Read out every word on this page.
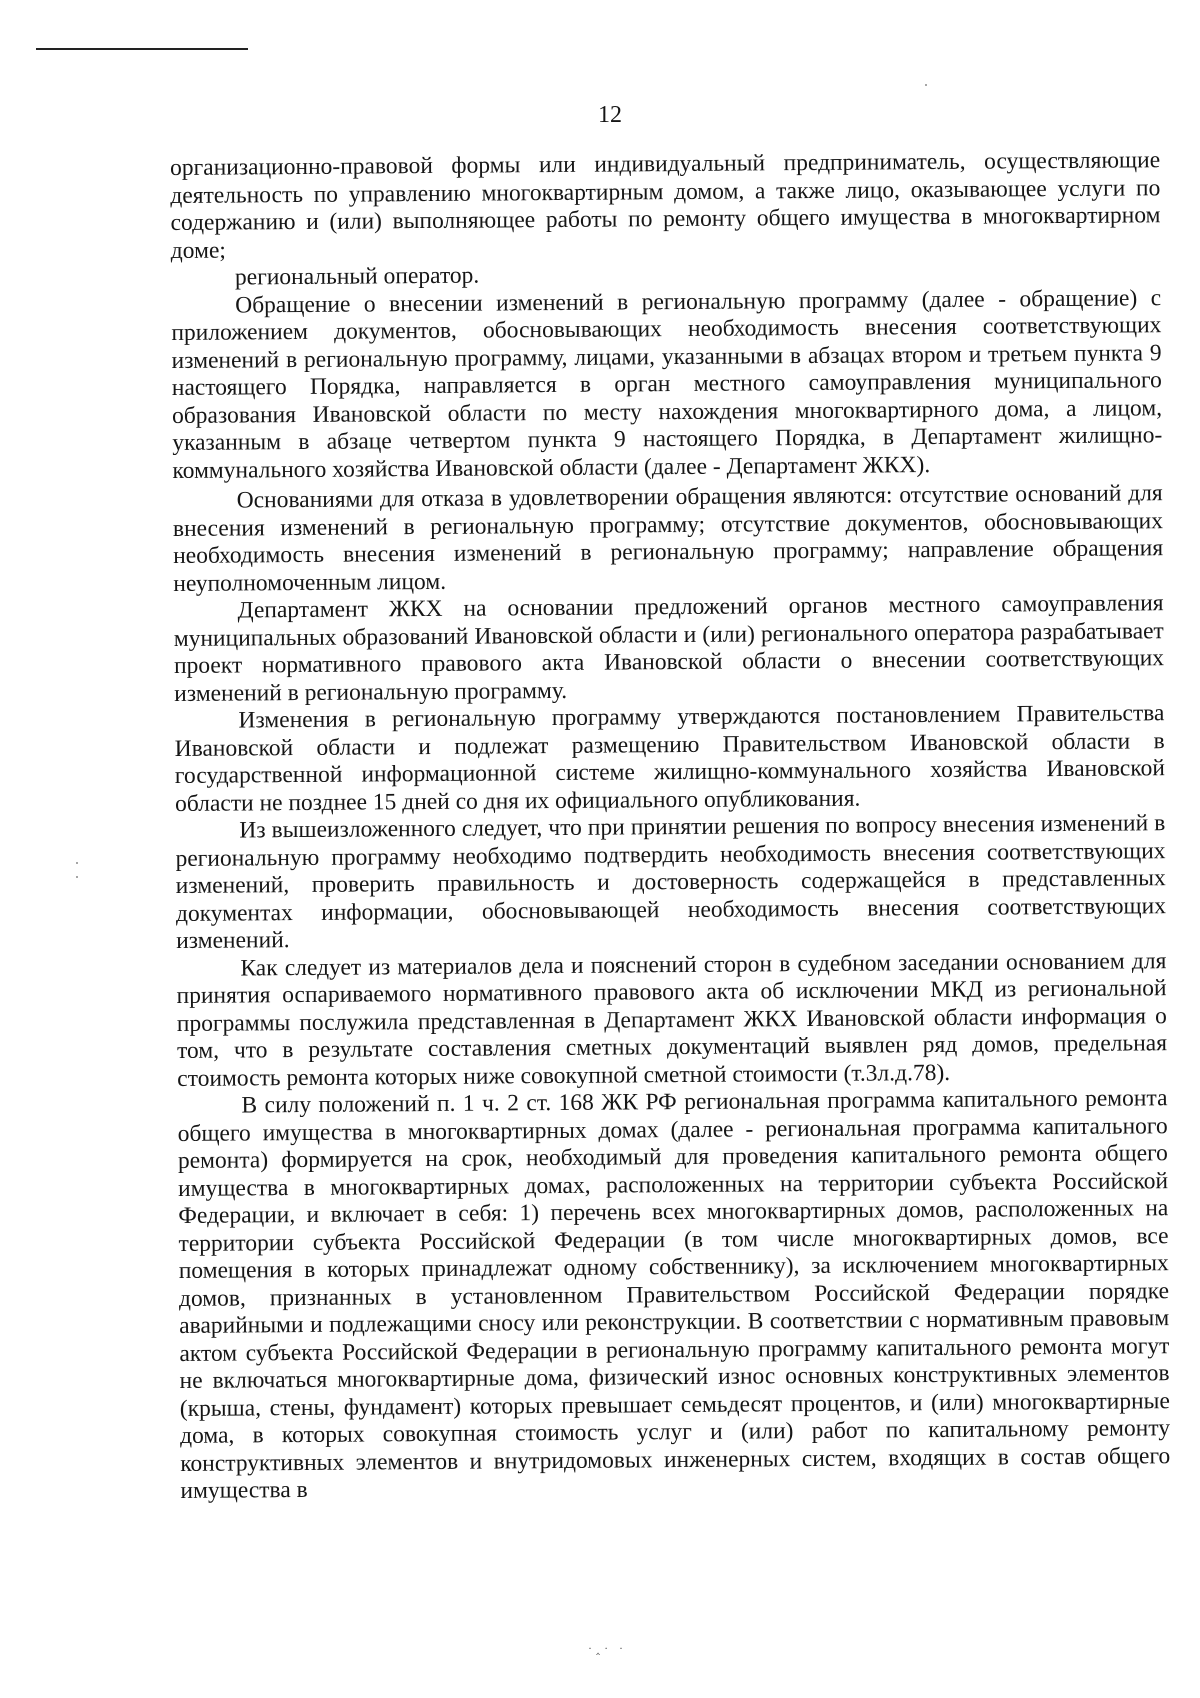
12

организационно-правовой формы или индивидуальный предприниматель, осуществляющие деятельность по управлению многоквартирным домом, а также лицо, оказывающее услуги по содержанию и (или) выполняющее работы по ремонту общего имущества в многоквартирном доме;

региональный оператор.

Обращение о внесении изменений в региональную программу (далее - обращение) с приложением документов, обосновывающих необходимость внесения соответствующих изменений в региональную программу, лицами, указанными в абзацах втором и третьем пункта 9 настоящего Порядка, направляется в орган местного самоуправления муниципального образования Ивановской области по месту нахождения многоквартирного дома, а лицом, указанным в абзаце четвертом пункта 9 настоящего Порядка, в Департамент жилищно-коммунального хозяйства Ивановской области (далее - Департамент ЖКХ).

Основаниями для отказа в удовлетворении обращения являются: отсутствие оснований для внесения изменений в региональную программу; отсутствие документов, обосновывающих необходимость внесения изменений в региональную программу; направление обращения неуполномоченным лицом.

Департамент ЖКХ на основании предложений органов местного самоуправления муниципальных образований Ивановской области и (или) регионального оператора разрабатывает проект нормативного правового акта Ивановской области о внесении соответствующих изменений в региональную программу.

Изменения в региональную программу утверждаются постановлением Правительства Ивановской области и подлежат размещению Правительством Ивановской области в государственной информационной системе жилищно-коммунального хозяйства Ивановской области не позднее 15 дней со дня их официального опубликования.

Из вышеизложенного следует, что при принятии решения по вопросу внесения изменений в региональную программу необходимо подтвердить необходимость внесения соответствующих изменений, проверить правильность и достоверность содержащейся в представленных документах информации, обосновывающей необходимость внесения соответствующих изменений.

Как следует из материалов дела и пояснений сторон в судебном заседании основанием для принятия оспариваемого нормативного правового акта об исключении МКД из региональной программы послужила представленная в Департамент ЖКХ Ивановской области информация о том, что в результате составления сметных документаций выявлен ряд домов, предельная стоимость ремонта которых ниже совокупной сметной стоимости (т.3л.д.78).

В силу положений п. 1 ч. 2 ст. 168 ЖК РФ региональная программа капитального ремонта общего имущества в многоквартирных домах (далее - региональная программа капитального ремонта) формируется на срок, необходимый для проведения капитального ремонта общего имущества в многоквартирных домах, расположенных на территории субъекта Российской Федерации, и включает в себя: 1) перечень всех многоквартирных домов, расположенных на территории субъекта Российской Федерации (в том числе многоквартирных домов, все помещения в которых принадлежат одному собственнику), за исключением многоквартирных домов, признанных в установленном Правительством Российской Федерации порядке аварийными и подлежащими сносу или реконструкции. В соответствии с нормативным правовым актом субъекта Российской Федерации в региональную программу капитального ремонта могут не включаться многоквартирные дома, физический износ основных конструктивных элементов (крыша, стены, фундамент) которых превышает семьдесят процентов, и (или) многоквартирные дома, в которых совокупная стоимость услуг и (или) работ по капитальному ремонту конструктивных элементов и внутридомовых инженерных систем, входящих в состав общего имущества в

·‸· ·
